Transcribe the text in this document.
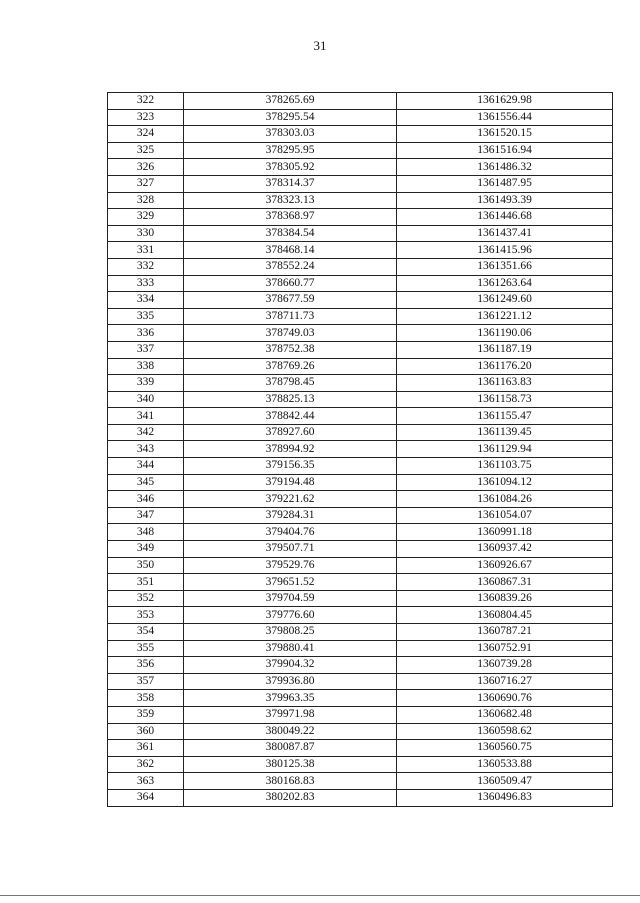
31
322	378265.69	1361629.98
323	378295.54	1361556.44
324	378303.03	1361520.15
325	378295.95	1361516.94
326	378305.92	1361486.32
327	378314.37	1361487.95
328	378323.13	1361493.39
329	378368.97	1361446.68
330	378384.54	1361437.41
331	378468.14	1361415.96
332	378552.24	1361351.66
333	378660.77	1361263.64
334	378677.59	1361249.60
335	378711.73	1361221.12
336	378749.03	1361190.06
337	378752.38	1361187.19
338	378769.26	1361176.20
339	378798.45	1361163.83
340	378825.13	1361158.73
341	378842.44	1361155.47
342	378927.60	1361139.45
343	378994.92	1361129.94
344	379156.35	1361103.75
345	379194.48	1361094.12
346	379221.62	1361084.26
347	379284.31	1361054.07
348	379404.76	1360991.18
349	379507.71	1360937.42
350	379529.76	1360926.67
351	379651.52	1360867.31
352	379704.59	1360839.26
353	379776.60	1360804.45
354	379808.25	1360787.21
355	379880.41	1360752.91
356	379904.32	1360739.28
357	379936.80	1360716.27
358	379963.35	1360690.76
359	379971.98	1360682.48
360	380049.22	1360598.62
361	380087.87	1360560.75
362	380125.38	1360533.88
363	380168.83	1360509.47
364	380202.83	1360496.83
